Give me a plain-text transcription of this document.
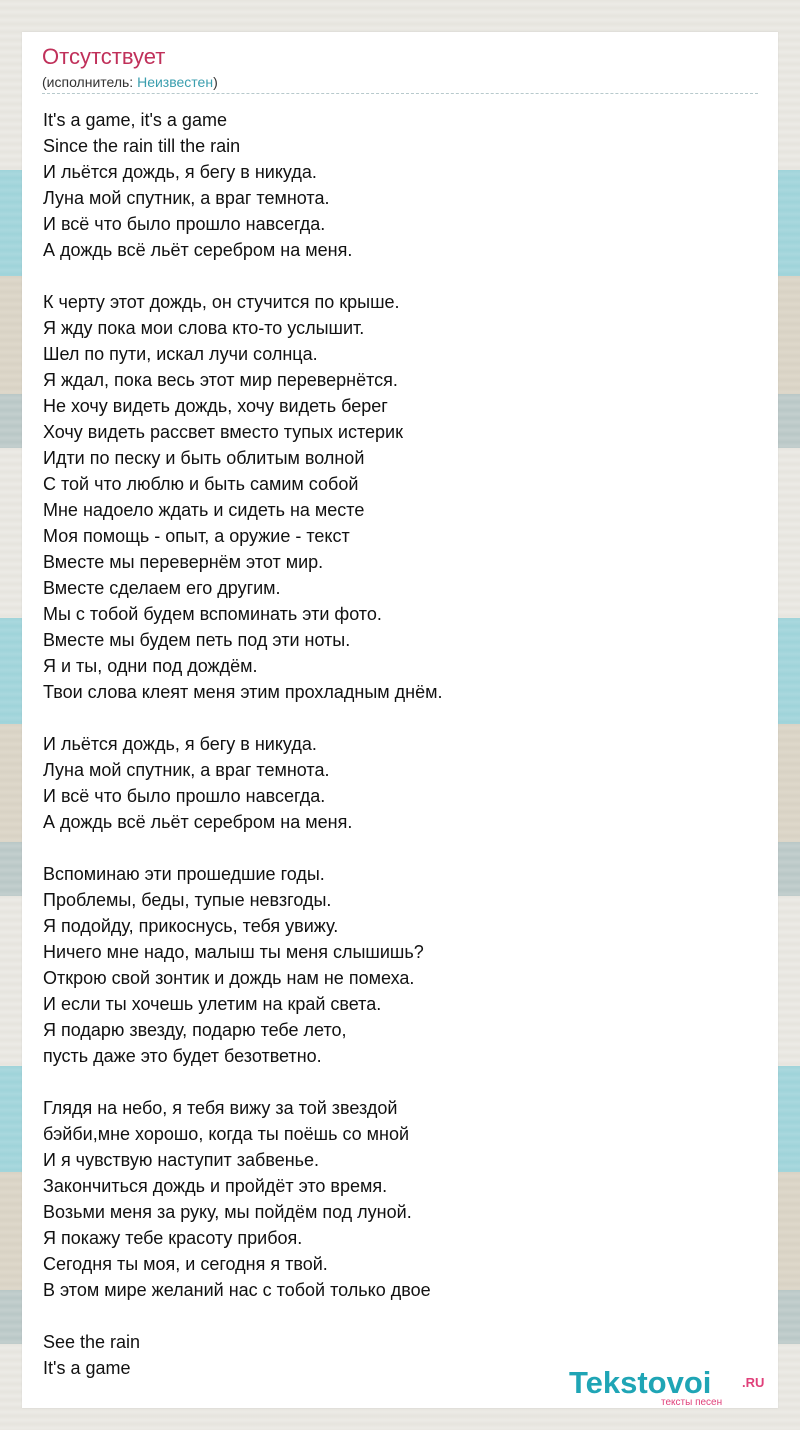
Отсутствует
(исполнитель: Неизвестен)
It's a game, it's a game
Since the rain till the rain
И льётся дождь, я бегу в никуда.
Луна мой спутник, а враг темнота.
И всё что было прошло навсегда.
А дождь всё льёт серебром на меня.
К черту этот дождь, он стучится по крыше.
Я жду пока мои слова кто-то услышит.
Шел по пути, искал лучи солнца.
Я ждал, пока весь этот мир перевернётся.
Не хочу видеть дождь, хочу видеть берег
Хочу видеть рассвет вместо тупых истерик
Идти по песку и быть облитым волной
С той что люблю и быть самим собой
Мне надоело ждать и сидеть на месте
Моя помощь - опыт, а оружие - текст
Вместе мы перевернём этот мир.
Вместе сделаем его другим.
Мы с тобой будем вспоминать эти фото.
Вместе мы будем петь под эти ноты.
Я и ты, одни под дождём.
Твои слова клеят меня этим прохладным днём.
И льётся дождь, я бегу в никуда.
Луна мой спутник, а враг темнота.
И всё что было прошло навсегда.
А дождь всё льёт серебром на меня.
Вспоминаю эти прошедшие годы.
Проблемы, беды, тупые невзгоды.
Я подойду, прикоснусь, тебя увижу.
Ничего мне надо, малыш ты меня слышишь?
Открою свой зонтик и дождь нам не помеха.
И если ты хочешь улетим на край света.
Я подарю звезду, подарю тебе лето,
пусть даже это будет безответно.
Глядя на небо, я тебя вижу за той звездой
бэйби,мне хорошо, когда ты поёшь со мной
И я чувствую наступит забвенье.
Закончиться дождь и пройдёт это время.
Возьми меня за руку, мы пойдём под луной.
Я покажу тебе красоту прибоя.
Сегодня ты моя, и сегодня я твой.
В этом мире желаний нас с тобой только двое
See the rain
It's a game	Tekstovoi .RU
тексты песен
